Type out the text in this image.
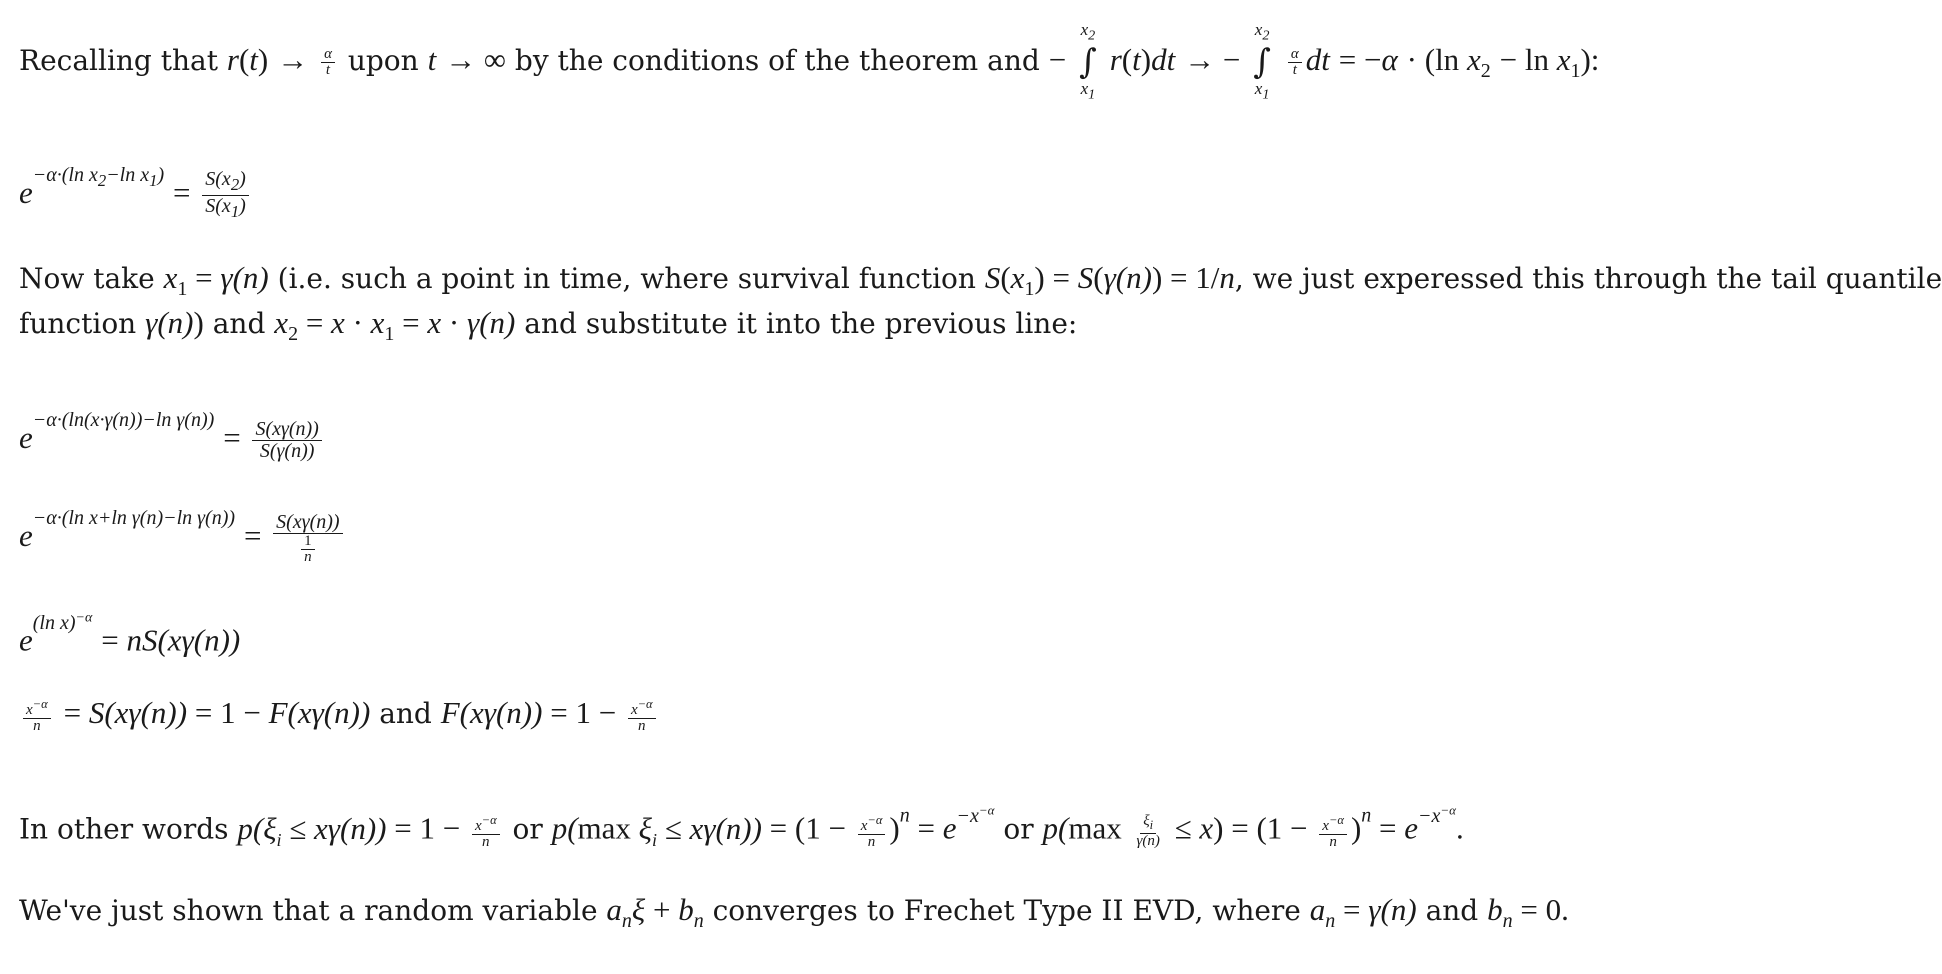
Recalling that $r(t) \to \frac{\alpha}{t}$ upon t → ∞ by the conditions of the theorem and −
$x_2$
∫
$x_1$
r(t)dt → −
$x_2$
∫
$x_1$

$\frac{\alpha}{t}$ dt = −α · (ln $x_2 - \ln x_1$):
$e^{-\alpha\cdot(ln x_2-ln x_1)} = \frac{S(x_2)}{S(x_1)}$
Now take $x_1 = \gamma(n)$ (i.e. such a point in time, where survival function $S(x_1) = S(\gamma(n)) = 1/n$, we just experessed this through the tail quantile
function γ(n)) and $x_2 = x \cdot x_1 = x \cdot \gamma(n)$ and substitute it into the previous line:
$e^{-\alpha\cdot(ln(x\cdot\gamma(n))-ln \gamma(n))} = \frac{S(x\gamma(n))}{S(\gamma(n))}$
$e^{-\alpha\cdot(ln x+ln \gamma(n)-ln \gamma(n))} = \frac{S(x\gamma(n))}{\frac{1}{n}}$
$e^{(ln x)^{-\alpha}} = nS(x\gamma(n))$
$\frac{x^{-\alpha}}{n} = S(x\gamma(n)) = 1 - F(x\gamma(n))$ and $F(x\gamma(n)) = 1 - \frac{x^{-\alpha}}{n}$
In other words $p(\xi_i \le x\gamma(n)) = 1 - \frac{x^{-\alpha}}{n}$ or p(max $\xi_i \le x\gamma(n)) = (1 - \frac{x^{-\alpha}}{n} )^n = e^{-x^{-\alpha}}$ or $p(\max \frac{\xi_i}{\gamma(n)} \le x) = (1 - \frac{x^{-\alpha}}{n} )^n = e^{-x^{-\alpha}}$.
We've just shown that a random variable $a_n\xi + b_n$ converges to Frechet Type II EVD, where $a_n = \gamma(n)$ and $b_n = 0$.
